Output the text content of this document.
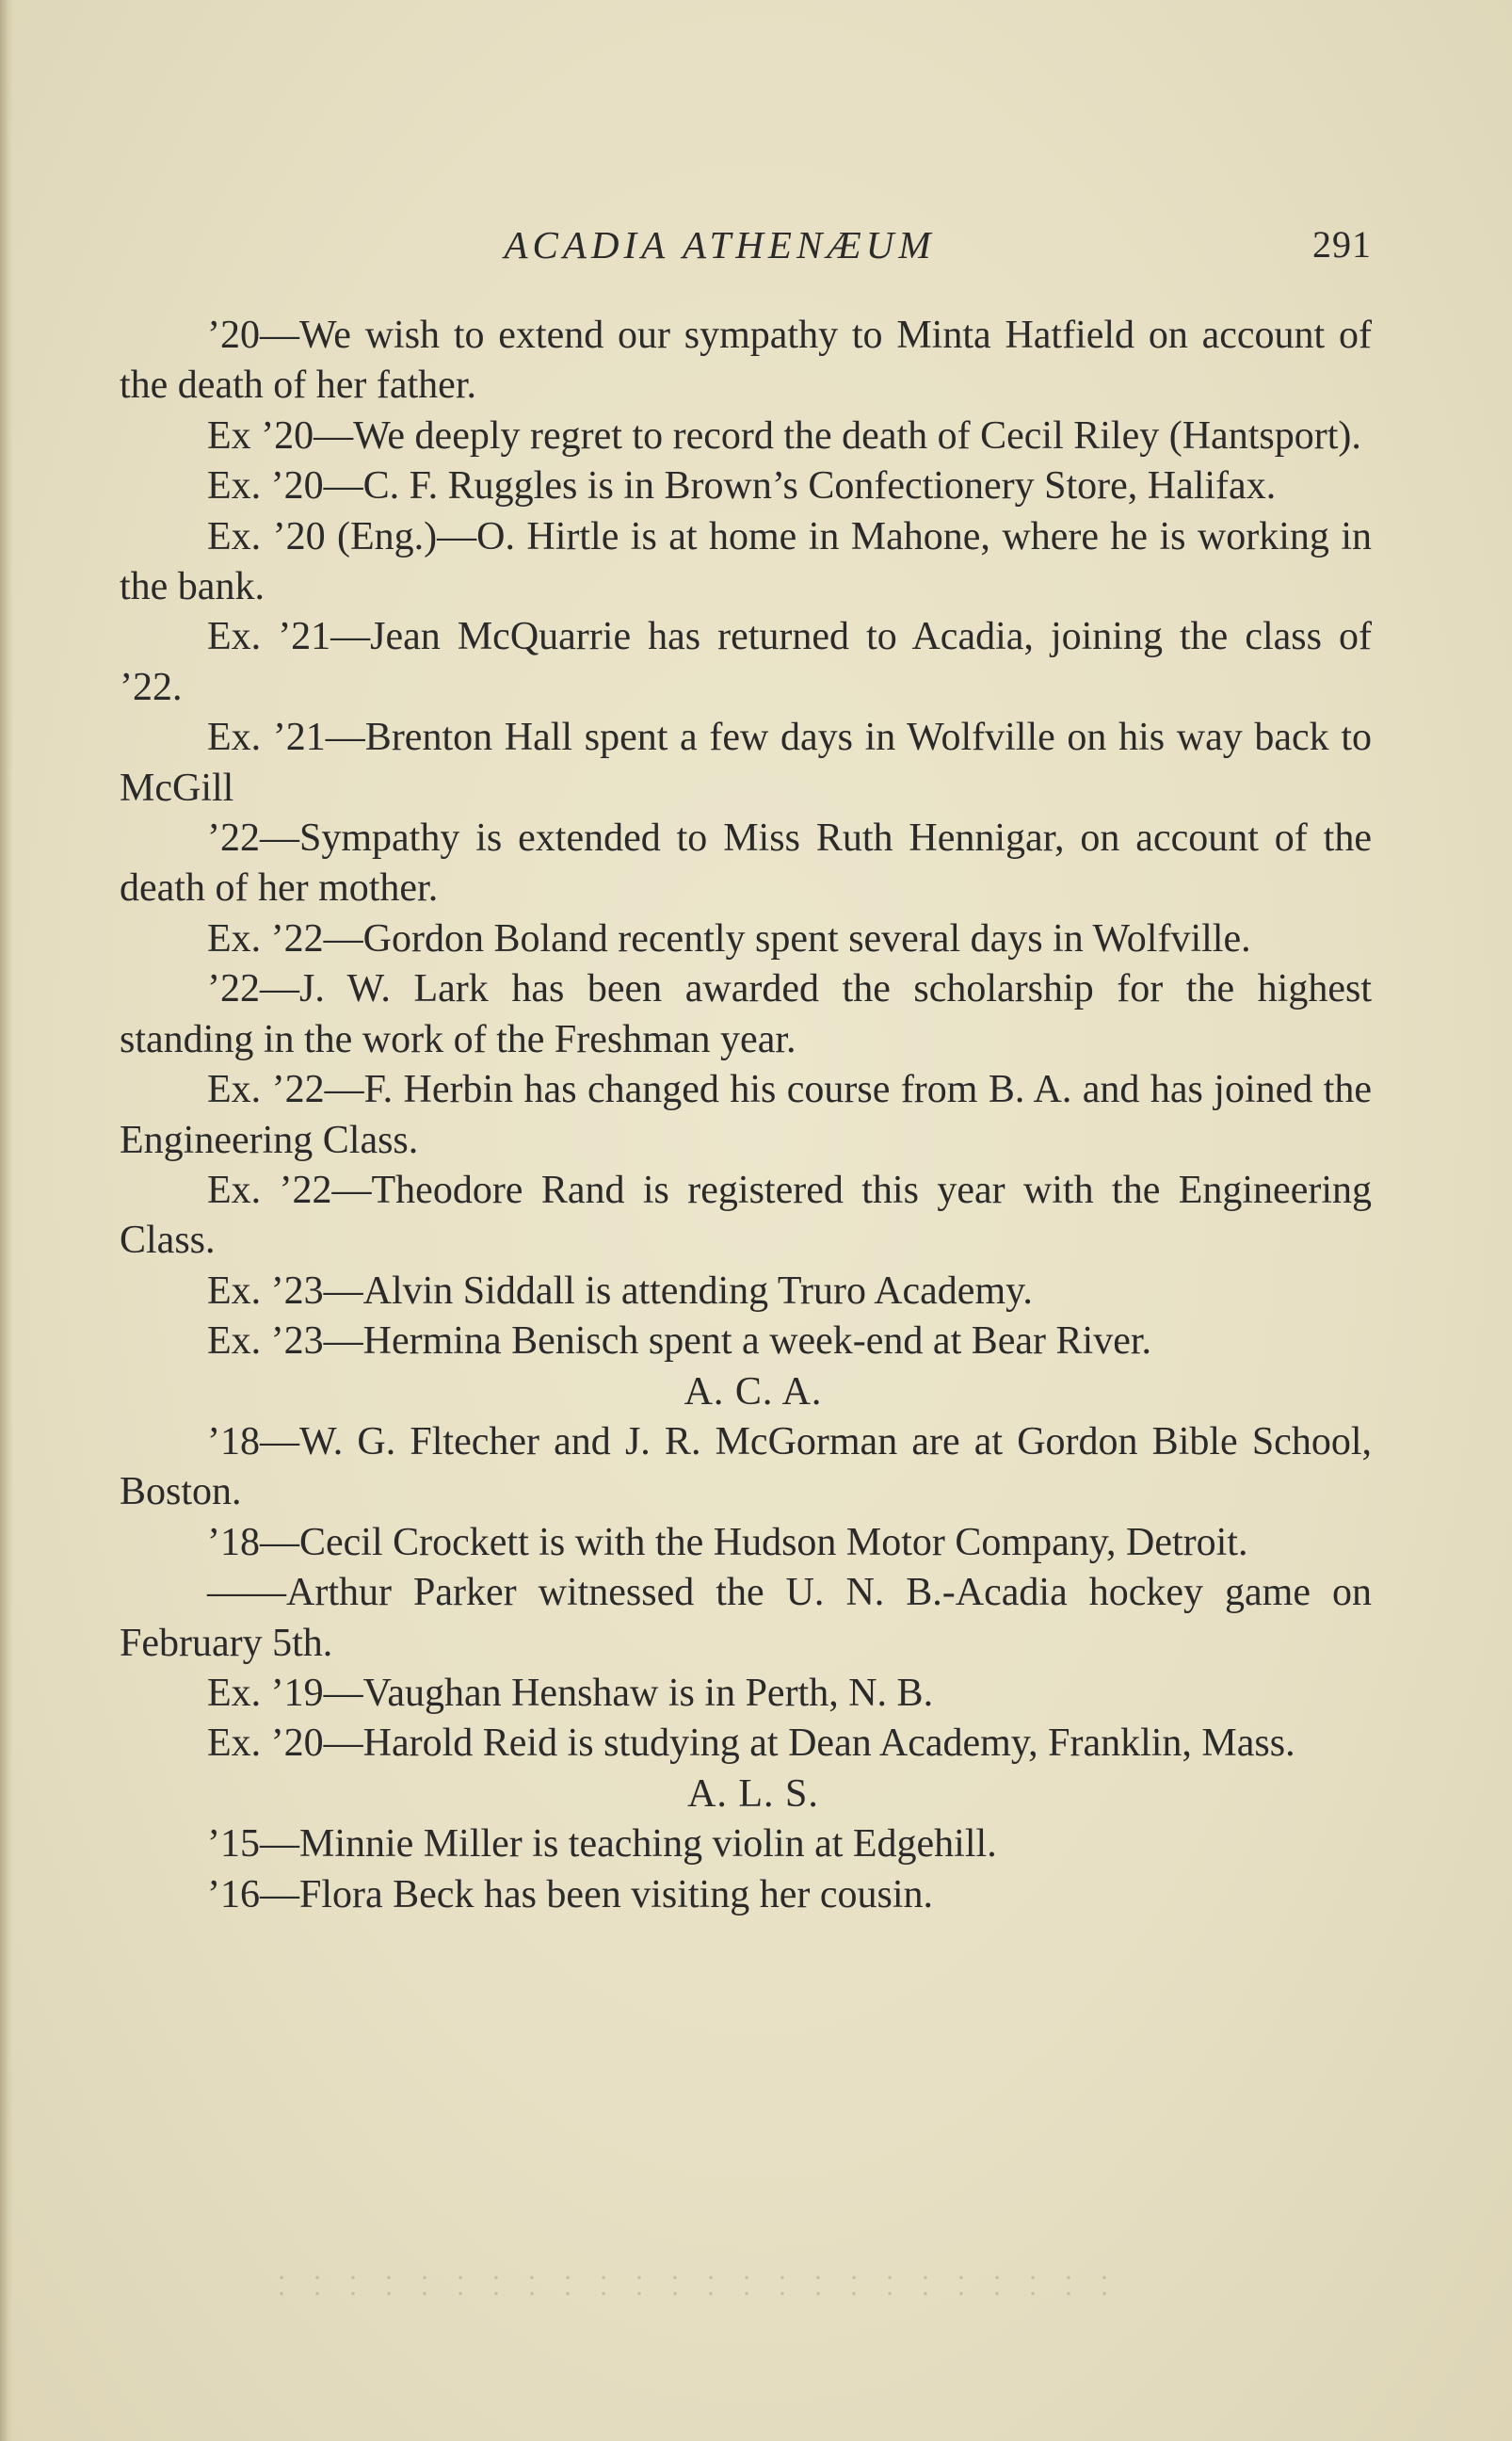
ACADIA ATHENÆUM	291

’20—We wish to extend our sympathy to Minta Hatfield on account of the death of her father.

Ex ’20—We deeply regret to record the death of Cecil Riley (Hantsport).

Ex. ’20—C. F. Ruggles is in Brown’s Confectionery Store, Halifax.

Ex. ’20 (Eng.)—O. Hirtle is at home in Mahone, where he is working in the bank.

Ex. ’21—Jean McQuarrie has returned to Acadia, joining the class of ’22.

Ex. ’21—Brenton Hall spent a few days in Wolfville on his way back to McGill

’22—Sympathy is extended to Miss Ruth Hennigar, on account of the death of her mother.

Ex. ’22—Gordon Boland recently spent several days in Wolfville.

’22—J. W. Lark has been awarded the scholarship for the highest standing in the work of the Freshman year.

Ex. ’22—F. Herbin has changed his course from B. A. and has joined the Engineering Class.

Ex. ’22—Theodore Rand is registered this year with the Engineering Class.

Ex. ’23—Alvin Siddall is attending Truro Academy.

Ex. ’23—Hermina Benisch spent a week-end at Bear River.

A. C. A.

’18—W. G. Fltecher and J. R. McGorman are at Gordon Bible School, Boston.

’18—Cecil Crockett is with the Hudson Motor Company, Detroit.

——Arthur Parker witnessed the U. N. B.-Acadia hockey game on February 5th.

Ex. ’19—Vaughan Henshaw is in Perth, N. B.

Ex. ’20—Harold Reid is studying at Dean Academy, Franklin, Mass.

A. L. S.

’15—Minnie Miller is teaching violin at Edgehill.

’16—Flora Beck has been visiting her cousin.
